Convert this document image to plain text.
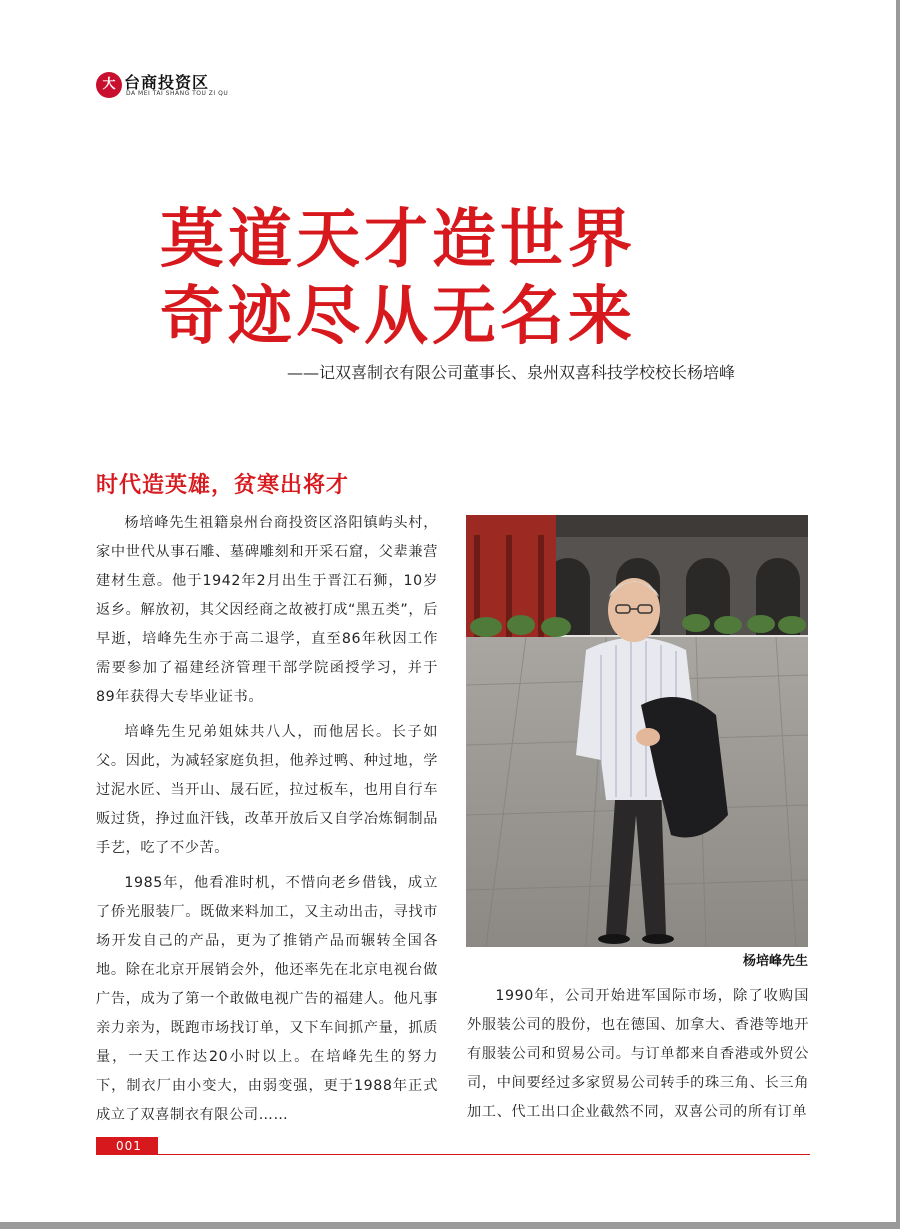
大 台商投资区
DA MEI TAI SHANG TOU ZI QU
莫道天才造世界
奇迹尽从无名来
——记双喜制衣有限公司董事长、泉州双喜科技学校校长杨培峰
时代造英雄，贫寒出将才

杨培峰先生祖籍泉州台商投资区洛阳镇屿头村，家中世代从事石雕、墓碑雕刻和开采石窟，父辈兼营建材生意。他于1942年2月出生于晋江石狮，10岁返乡。解放初，其父因经商之故被打成“黑五类”，后早逝，培峰先生亦于高二退学，直至86年秋因工作需要参加了福建经济管理干部学院函授学习，并于89年获得大专毕业证书。

培峰先生兄弟姐妹共八人，而他居长。长子如父。因此，为减轻家庭负担，他养过鸭、种过地，学过泥水匠、当开山、晟石匠，拉过板车，也用自行车贩过货，挣过血汗钱，改革开放后又自学冶炼铜制品手艺，吃了不少苦。

1985年，他看准时机，不惜向老乡借钱，成立了侨光服装厂。既做来料加工，又主动出击，寻找市场开发自己的产品，更为了推销产品而辗转全国各地。除在北京开展销会外，他还率先在北京电视台做广告，成为了第一个敢做电视广告的福建人。他凡事亲力亲为，既跑市场找订单，又下车间抓产量，抓质量，一天工作达20小时以上。在培峰先生的努力下，制衣厂由小变大，由弱变强，更于1988年正式成立了双喜制衣有限公司……

杨培峰先生

1990年，公司开始进军国际市场，除了收购国外服装公司的股份，也在德国、加拿大、香港等地开有服装公司和贸易公司。与订单都来自香港或外贸公司，中间要经过多家贸易公司转手的珠三角、长三角加工、代工出口企业截然不同，双喜公司的所有订单

001
